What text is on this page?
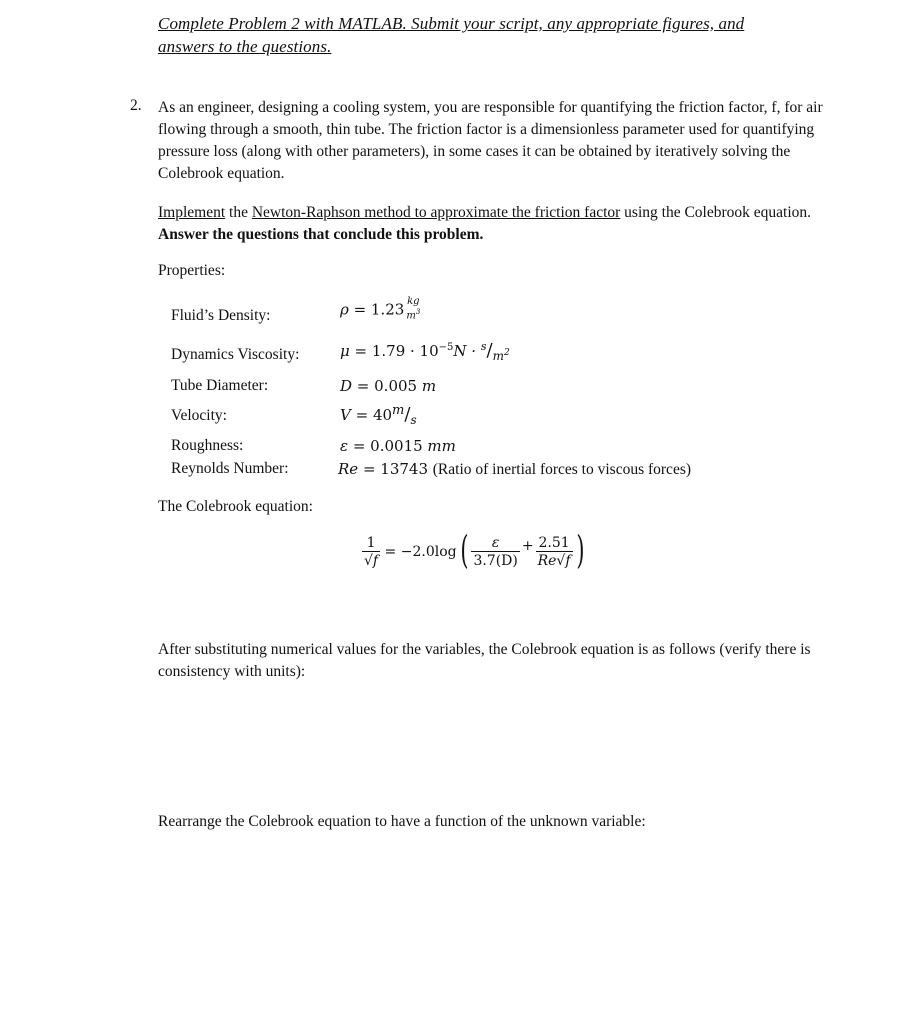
Complete Problem 2 with MATLAB. Submit your script, any appropriate figures, and
answers to the questions.
2. As an engineer, designing a cooling system, you are responsible for quantifying the friction factor, f, for air flowing through a smooth, thin tube. The friction factor is a dimensionless parameter used for quantifying pressure loss (along with other parameters), in some cases it can be obtained by iteratively solving the Colebrook equation.
Implement the Newton-Raphson method to approximate the friction factor using the Colebrook equation. Answer the questions that conclude this problem.
Properties:
Fluid’s Density:
Dynamics Viscosity:
Tube Diameter:
Velocity:
Roughness:
Reynolds Number:
ρ = 1.23 kg
$m^3$
$\mu = 1.79 \cdot 10^{-5}N \cdot ^s/_{m^2}$
D = 0.005 m
$V = 40^m/_s$
ε = 0.0015 mm
Re = 13743 (Ratio of inertial forces to viscous forces)
The Colebrook equation:
$\frac{1}{√f} = -2.0\log( \frac{\varepsilon}{3.7(D)} + \frac{2.51}{Re√f}$ )
After substituting numerical values for the variables, the Colebrook equation is as follows (verify there is consistency with units):
Rearrange the Colebrook equation to have a function of the unknown variable:
